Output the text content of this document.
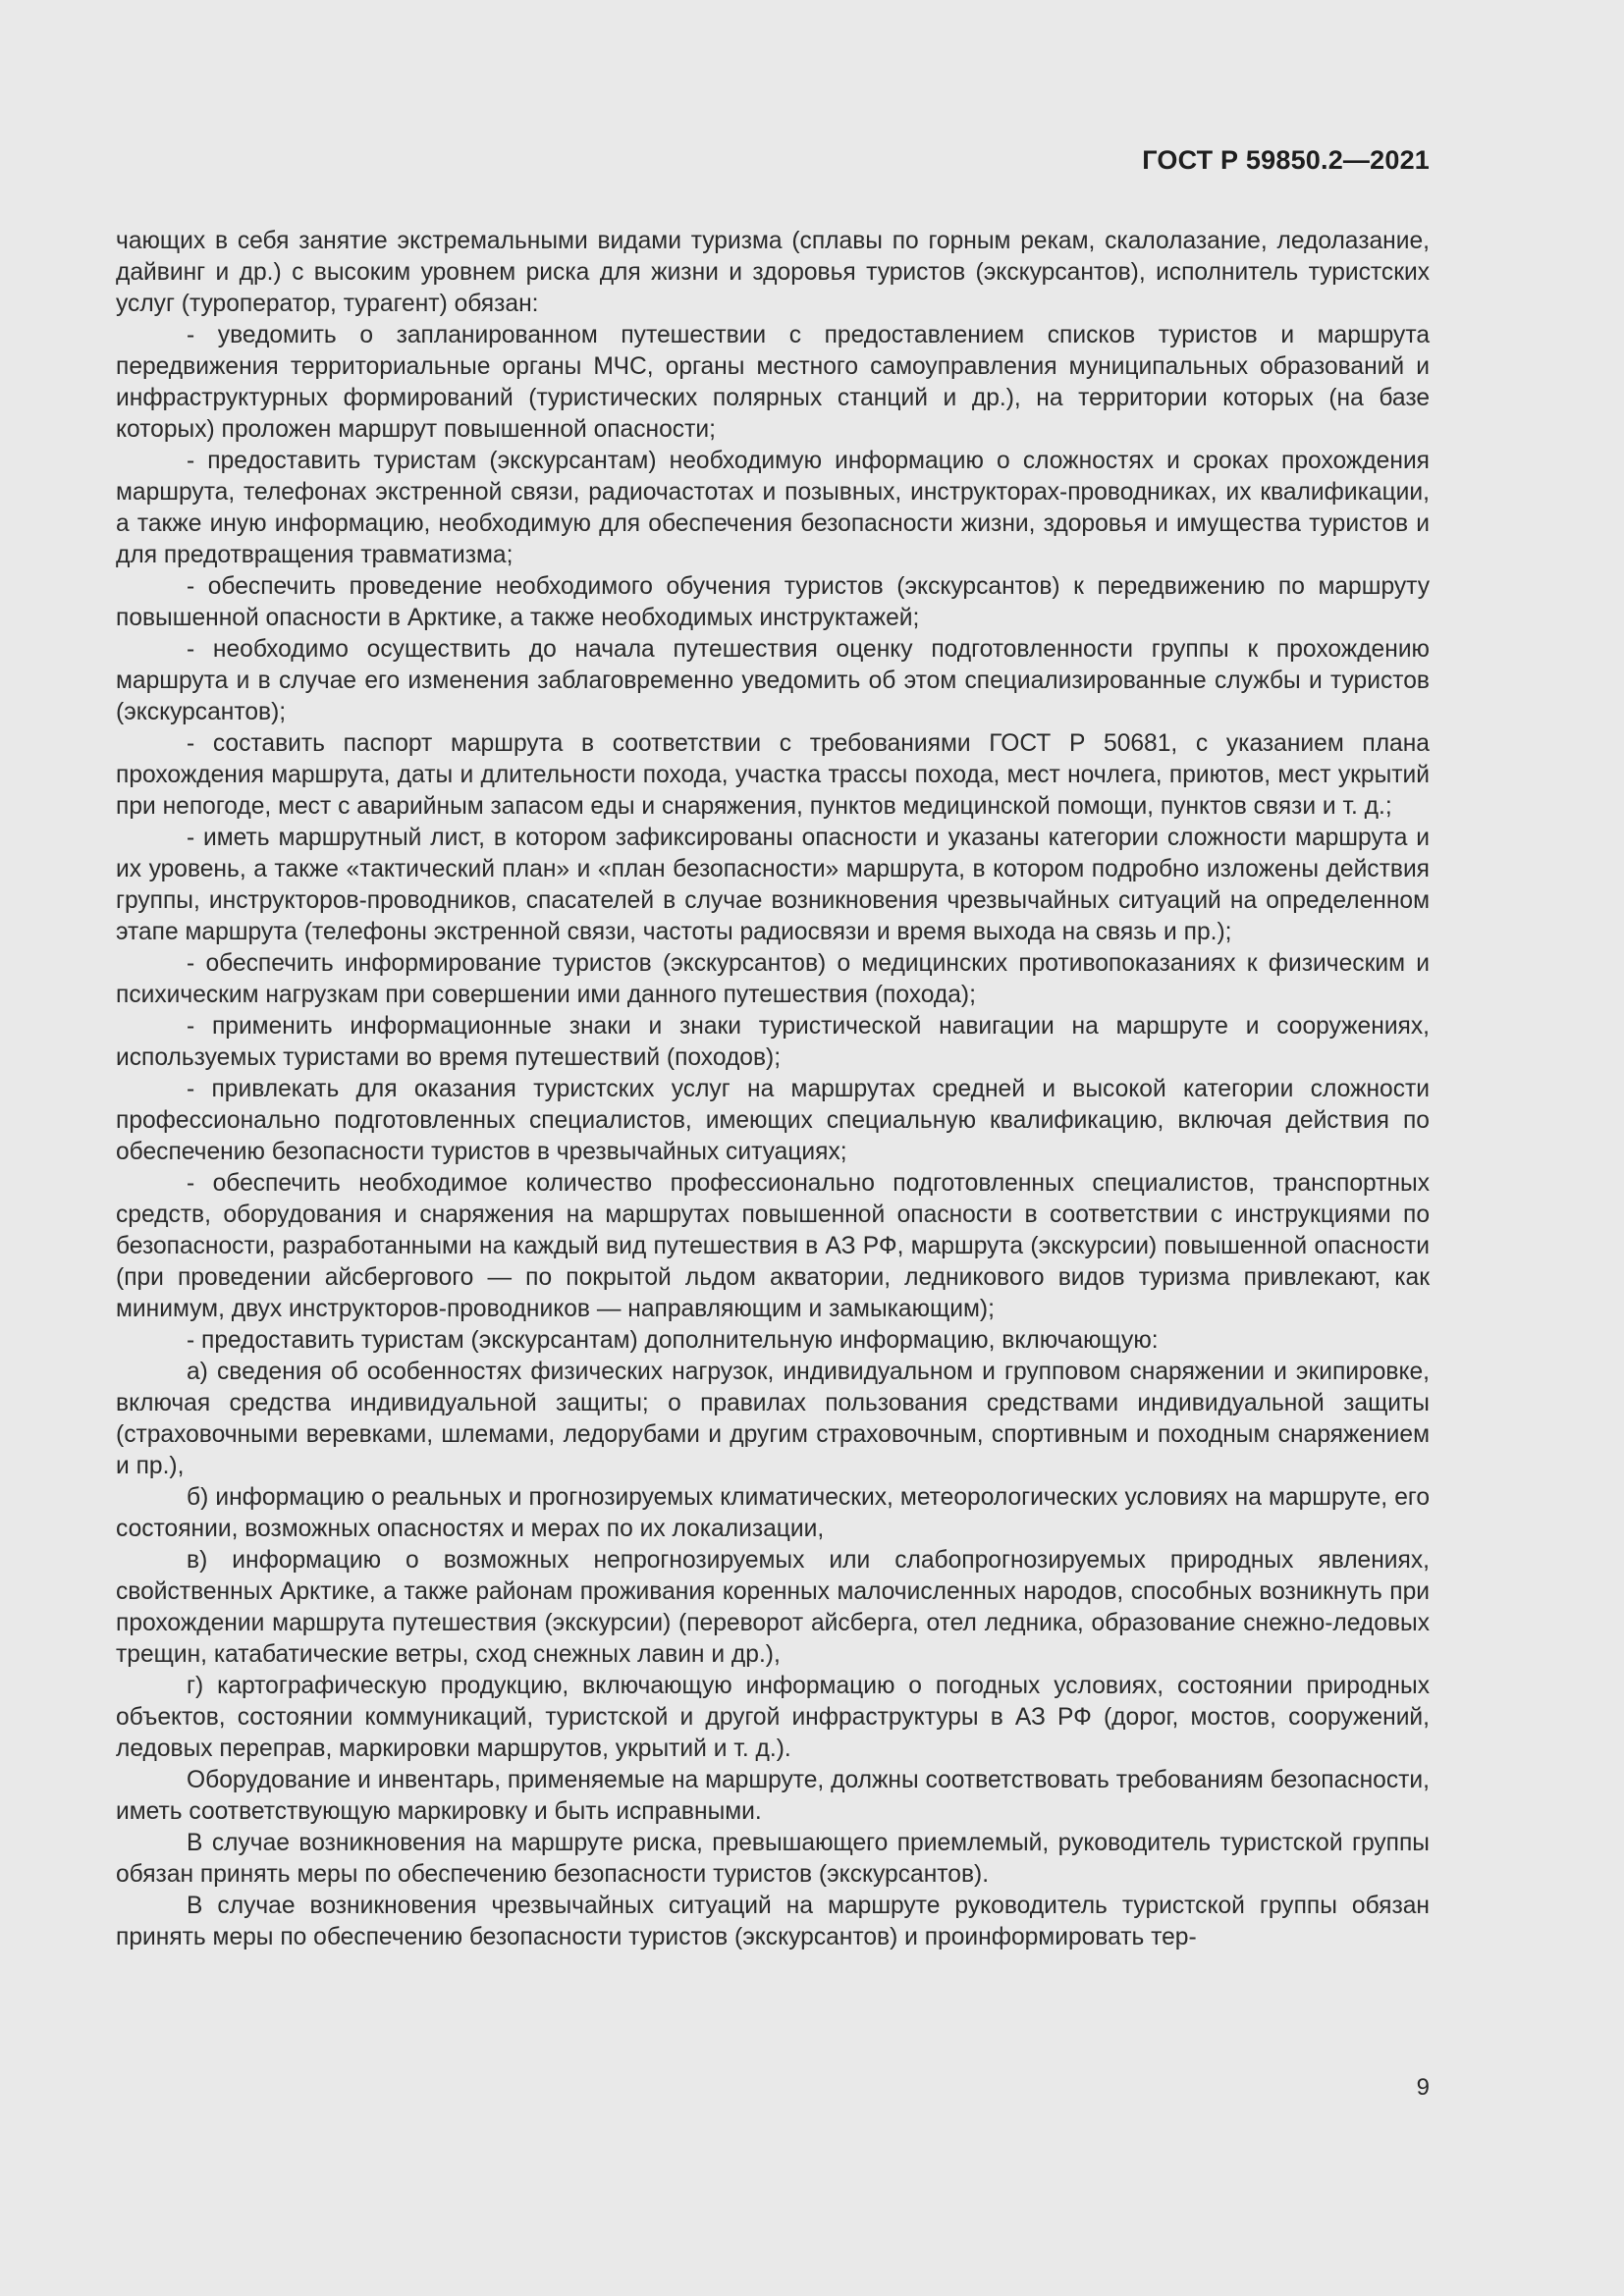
ГОСТ Р 59850.2—2021

чающих в себя занятие экстремальными видами туризма (сплавы по горным рекам, скалолазание, ледолазание, дайвинг и др.) с высоким уровнем риска для жизни и здоровья туристов (экскурсантов), исполнитель туристских услуг (туроператор, турагент) обязан:

- уведомить о запланированном путешествии с предоставлением списков туристов и маршрута передвижения территориальные органы МЧС, органы местного самоуправления муниципальных образований и инфраструктурных формирований (туристических полярных станций и др.), на территории которых (на базе которых) проложен маршрут повышенной опасности;

- предоставить туристам (экскурсантам) необходимую информацию о сложностях и сроках прохождения маршрута, телефонах экстренной связи, радиочастотах и позывных, инструкторах-проводниках, их квалификации, а также иную информацию, необходимую для обеспечения безопасности жизни, здоровья и имущества туристов и для предотвращения травматизма;

- обеспечить проведение необходимого обучения туристов (экскурсантов) к передвижению по маршруту повышенной опасности в Арктике, а также необходимых инструктажей;

- необходимо осуществить до начала путешествия оценку подготовленности группы к прохождению маршрута и в случае его изменения заблаговременно уведомить об этом специализированные службы и туристов (экскурсантов);

- составить паспорт маршрута в соответствии с требованиями ГОСТ Р 50681, с указанием плана прохождения маршрута, даты и длительности похода, участка трассы похода, мест ночлега, приютов, мест укрытий при непогоде, мест с аварийным запасом еды и снаряжения, пунктов медицинской помощи, пунктов связи и т. д.;

- иметь маршрутный лист, в котором зафиксированы опасности и указаны категории сложности маршрута и их уровень, а также «тактический план» и «план безопасности» маршрута, в котором подробно изложены действия группы, инструкторов-проводников, спасателей в случае возникновения чрезвычайных ситуаций на определенном этапе маршрута (телефоны экстренной связи, частоты радиосвязи и время выхода на связь и пр.);

- обеспечить информирование туристов (экскурсантов) о медицинских противопоказаниях к физическим и психическим нагрузкам при совершении ими данного путешествия (похода);

- применить информационные знаки и знаки туристической навигации на маршруте и сооружениях, используемых туристами во время путешествий (походов);

- привлекать для оказания туристских услуг на маршрутах средней и высокой категории сложности профессионально подготовленных специалистов, имеющих специальную квалификацию, включая действия по обеспечению безопасности туристов в чрезвычайных ситуациях;

- обеспечить необходимое количество профессионально подготовленных специалистов, транспортных средств, оборудования и снаряжения на маршрутах повышенной опасности в соответствии с инструкциями по безопасности, разработанными на каждый вид путешествия в АЗ РФ, маршрута (экскурсии) повышенной опасности (при проведении айсбергового — по покрытой льдом акватории, ледникового видов туризма привлекают, как минимум, двух инструкторов-проводников — направляющим и замыкающим);

- предоставить туристам (экскурсантам) дополнительную информацию, включающую:

а) сведения об особенностях физических нагрузок, индивидуальном и групповом снаряжении и экипировке, включая средства индивидуальной защиты; о правилах пользования средствами индивидуальной защиты (страховочными веревками, шлемами, ледорубами и другим страховочным, спортивным и походным снаряжением и пр.),

б) информацию о реальных и прогнозируемых климатических, метеорологических условиях на маршруте, его состоянии, возможных опасностях и мерах по их локализации,

в) информацию о возможных непрогнозируемых или слабопрогнозируемых природных явлениях, свойственных Арктике, а также районам проживания коренных малочисленных народов, способных возникнуть при прохождении маршрута путешествия (экскурсии) (переворот айсберга, отел ледника, образование снежно-ледовых трещин, катабатические ветры, сход снежных лавин и др.),

г) картографическую продукцию, включающую информацию о погодных условиях, состоянии природных объектов, состоянии коммуникаций, туристской и другой инфраструктуры в АЗ РФ (дорог, мостов, сооружений, ледовых переправ, маркировки маршрутов, укрытий и т. д.).

Оборудование и инвентарь, применяемые на маршруте, должны соответствовать требованиям безопасности, иметь соответствующую маркировку и быть исправными.

В случае возникновения на маршруте риска, превышающего приемлемый, руководитель туристской группы обязан принять меры по обеспечению безопасности туристов (экскурсантов).

В случае возникновения чрезвычайных ситуаций на маршруте руководитель туристской группы обязан принять меры по обеспечению безопасности туристов (экскурсантов) и проинформировать тер-

9
